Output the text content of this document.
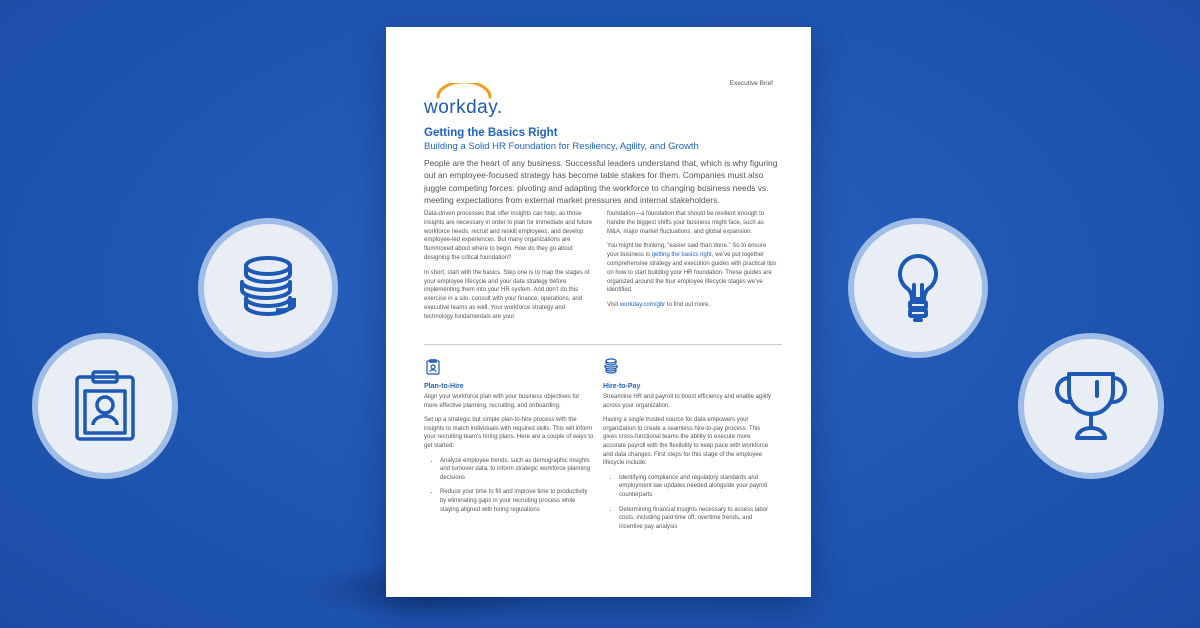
workday.
Executive Brief
Getting the Basics Right
Building a Solid HR Foundation for Resiliency, Agility, and Growth
People are the heart of any business. Successful leaders understand that, which is why figuring out an employee-focused strategy has become table stakes for them. Companies must also juggle competing forces: pivoting and adapting the workforce to changing business needs vs. meeting expectations from external market pressures and internal stakeholders.

Data-driven processes that offer insights can help, as those insights are necessary in order to plan for immediate and future workforce needs, recruit and reskill employees, and develop employee-led experiences. But many organizations are flummoxed about where to begin. How do they go about designing the critical foundation?

In short, start with the basics. Step one is to map the stages of your employee lifecycle and your data strategy before implementing them into your HR system. And don’t do this exercise in a silo: consult with your finance, operations, and executive teams as well. Your workforce strategy and technology fundamentals are your

foundation—a foundation that should be resilient enough to handle the biggest shifts your business might face, such as M&A, major market fluctuations, and global expansion.

You might be thinking, “easier said than done.” So to ensure your business is getting the basics right, we’ve put together comprehensive strategy and execution guides with practical tips on how to start building your HR foundation. These guides are organized around the four employee lifecycle stages we’ve identified.

Visit workday.com/gbr to find out more.

Plan-to-Hire

Align your workforce plan with your business objectives for more effective planning, recruiting, and onboarding.

Set up a strategic but simple plan-to-hire process with the insights to match individuals with required skills. This will inform your recruiting team’s hiring plans. Here are a couple of ways to get started:

• Analyze employee trends, such as demographic insights and turnover data, to inform strategic workforce planning decisions
• Reduce your time to fill and improve time to productivity by eliminating gaps in your recruiting process while staying aligned with hiring regulations
Hire-to-Pay

Streamline HR and payroll to boost efficiency and enable agility across your organization.

Having a single trusted source for data empowers your organization to create a seamless hire-to-pay process. This gives cross-functional teams the ability to execute more accurate payroll with the flexibility to keep pace with workforce and data changes. First steps for this stage of the employee lifecycle include:

• Identifying compliance and regulatory standards and employment law updates needed alongside your payroll counterparts
• Determining financial insights necessary to assess labor costs, including paid time off, overtime trends, and incentive pay analysis
